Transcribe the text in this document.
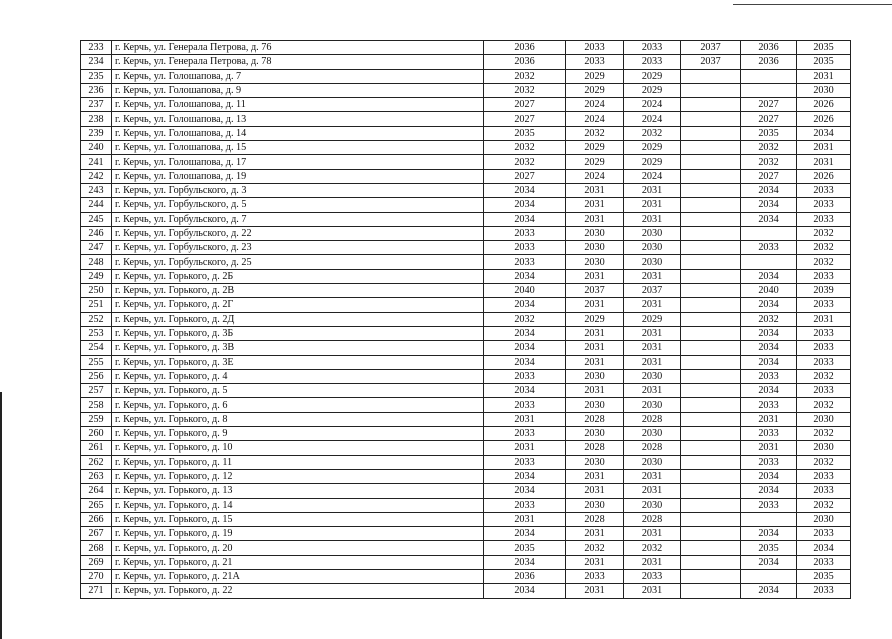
233	г. Керчь, ул. Генерала Петрова, д. 76	2036	2033	2033	2037	2036	2035
234	г. Керчь, ул. Генерала Петрова, д. 78	2036	2033	2033	2037	2036	2035
235	г. Керчь, ул. Голошапова, д. 7	2032	2029	2029			2031
236	г. Керчь, ул. Голошапова, д. 9	2032	2029	2029			2030
237	г. Керчь, ул. Голошапова, д. 11	2027	2024	2024		2027	2026
238	г. Керчь, ул. Голошапова, д. 13	2027	2024	2024		2027	2026
239	г. Керчь, ул. Голошапова, д. 14	2035	2032	2032		2035	2034
240	г. Керчь, ул. Голошапова, д. 15	2032	2029	2029		2032	2031
241	г. Керчь, ул. Голошапова, д. 17	2032	2029	2029		2032	2031
242	г. Керчь, ул. Голошапова, д. 19	2027	2024	2024		2027	2026
243	г. Керчь, ул. Горбульского, д. 3	2034	2031	2031		2034	2033
244	г. Керчь, ул. Горбульского, д. 5	2034	2031	2031		2034	2033
245	г. Керчь, ул. Горбульского, д. 7	2034	2031	2031		2034	2033
246	г. Керчь, ул. Горбульского, д. 22	2033	2030	2030			2032
247	г. Керчь, ул. Горбульского, д. 23	2033	2030	2030		2033	2032
248	г. Керчь, ул. Горбульского, д. 25	2033	2030	2030			2032
249	г. Керчь, ул. Горького, д. 2Б	2034	2031	2031		2034	2033
250	г. Керчь, ул. Горького, д. 2В	2040	2037	2037		2040	2039
251	г. Керчь, ул. Горького, д. 2Г	2034	2031	2031		2034	2033
252	г. Керчь, ул. Горького, д. 2Д	2032	2029	2029		2032	2031
253	г. Керчь, ул. Горького, д. 3Б	2034	2031	2031		2034	2033
254	г. Керчь, ул. Горького, д. 3В	2034	2031	2031		2034	2033
255	г. Керчь, ул. Горького, д. 3Е	2034	2031	2031		2034	2033
256	г. Керчь, ул. Горького, д. 4	2033	2030	2030		2033	2032
257	г. Керчь, ул. Горького, д. 5	2034	2031	2031		2034	2033
258	г. Керчь, ул. Горького, д. 6	2033	2030	2030		2033	2032
259	г. Керчь, ул. Горького, д. 8	2031	2028	2028		2031	2030
260	г. Керчь, ул. Горького, д. 9	2033	2030	2030		2033	2032
261	г. Керчь, ул. Горького, д. 10	2031	2028	2028		2031	2030
262	г. Керчь, ул. Горького, д. 11	2033	2030	2030		2033	2032
263	г. Керчь, ул. Горького, д. 12	2034	2031	2031		2034	2033
264	г. Керчь, ул. Горького, д. 13	2034	2031	2031		2034	2033
265	г. Керчь, ул. Горького, д. 14	2033	2030	2030		2033	2032
266	г. Керчь, ул. Горького, д. 15	2031	2028	2028			2030
267	г. Керчь, ул. Горького, д. 19	2034	2031	2031		2034	2033
268	г. Керчь, ул. Горького, д. 20	2035	2032	2032		2035	2034
269	г. Керчь, ул. Горького, д. 21	2034	2031	2031		2034	2033
270	г. Керчь, ул. Горького, д. 21А	2036	2033	2033			2035
271	г. Керчь, ул. Горького, д. 22	2034	2031	2031		2034	2033
